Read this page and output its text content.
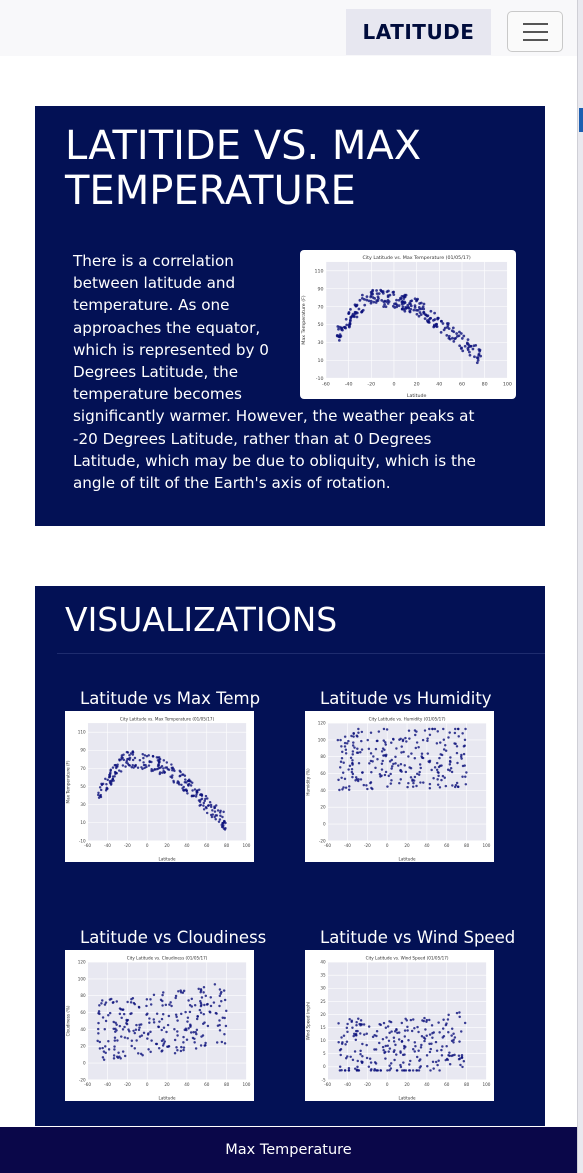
LATITUDE
LATITIDE VS. MAX TEMPERATURE
-60	-40	-20	0	20	40	60	80	100
-10
10
30
50
70
90
110
City Latitude vs. Max Temperature (01/05/17)
Latitude
Max Temperature (F)
There is a correlation between latitude and temperature. As one approaches the equator, which is represented by 0 Degrees Latitude, the temperature becomes significantly warmer. However, the weather peaks at -20 Degrees Latitude, rather than at 0 Degrees Latitude, which may be due to obliquity, which is the angle of tilt of the Earth's axis of rotation.
VISUALIZATIONS
Latitude vs Max Temp
-60	-40	-20	0	20	40	60	80	100
-10
10
30
50
70
90
110
City Latitude vs. Max Temperature (01/05/17)
Latitude
Max Temperature (F)
Latitude vs Humidity
-60	-40	-20	0	20	40	60	80	100
-20
0
20
40
60
80
100
120
City Latitude vs. Humidity (01/05/17)
Latitude
Humidity (%)
Latitude vs Cloudiness
-60	-40	-20	0	20	40	60	80	100
-20
0
20
40
60
80
100
120
City Latitude vs. Cloudiness (01/05/17)
Latitude
Cloudiness (%)
Latitude vs Wind Speed
-60	-40	-20	0	20	40	60	80	100
-5
0
5
10
15
20
25
30
35
40
City Latitude vs. Wind Speed (01/05/17)
Latitude
Wind Speed (mph)
Max Temperature
